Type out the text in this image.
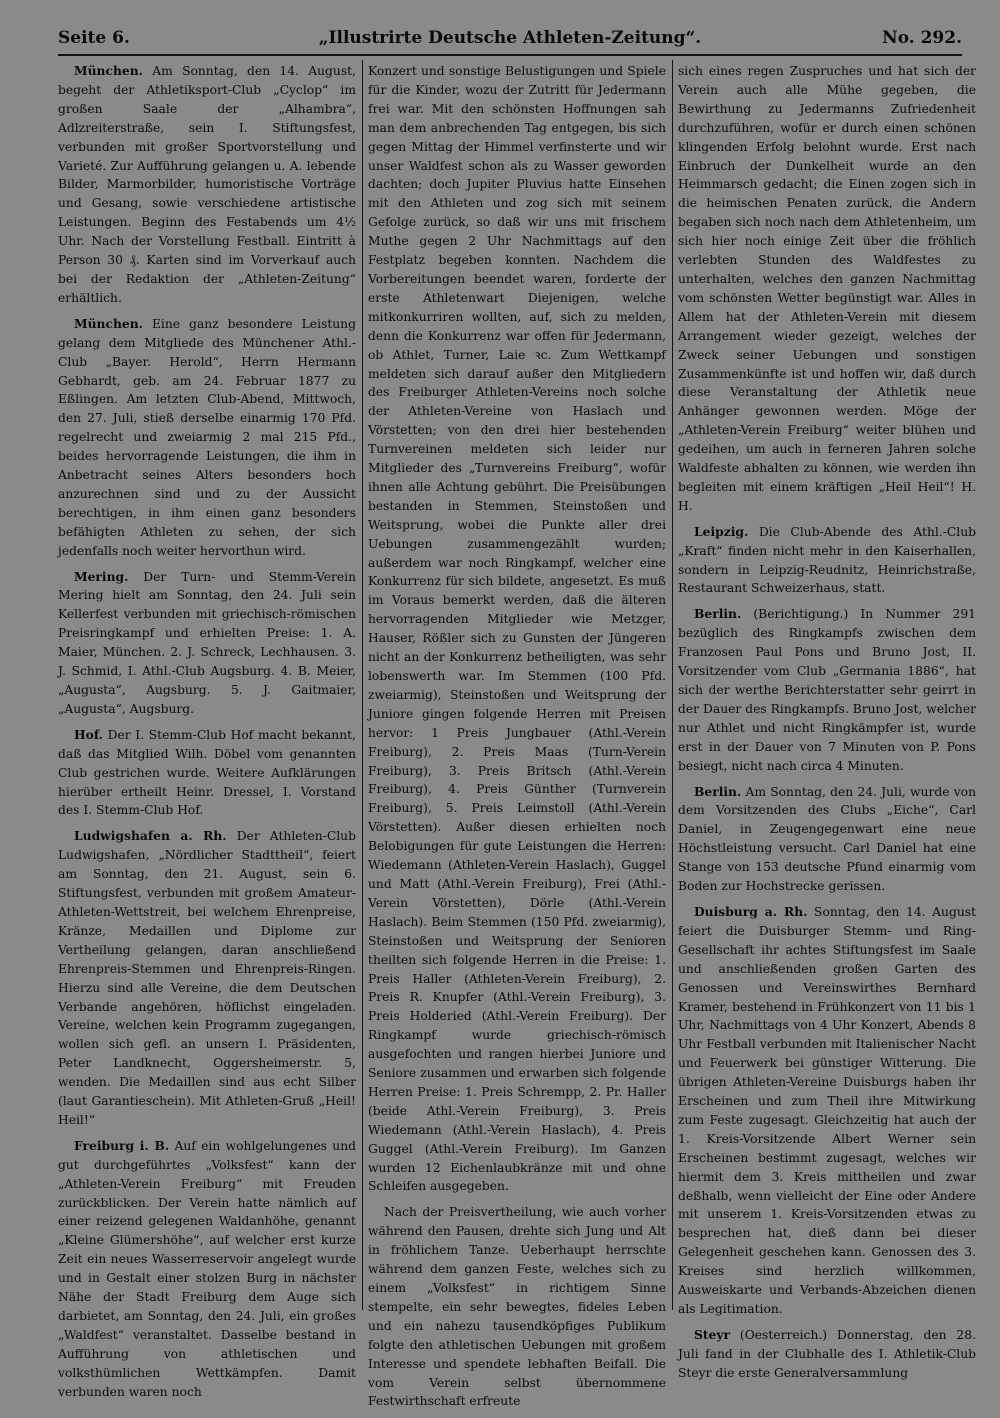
Seite 6.	„Illustrirte Deutsche Athleten-Zeitung“.	No. 292.

München. Am Sonntag, den 14. August, begeht der Athletiksport-Club „Cyclop“ im großen Saale der „Alhambra“, Adlzreiterstraße, sein I. Stiftungsfest, verbunden mit großer Sportvorstellung und Varieté. Zur Aufführung gelangen u. A. lebende Bilder, Marmorbilder, humoristische Vorträge und Gesang, sowie verschiedene artistische Leistungen. Beginn des Festabends um 4½ Uhr. Nach der Vorstellung Festball. Eintritt à Person 30 ₰. Karten sind im Vorverkauf auch bei der Redaktion der „Athleten-Zeitung“ erhältlich.

München. Eine ganz besondere Leistung gelang dem Mitgliede des Münchener Athl.-Club „Bayer. Herold“, Herrn Hermann Gebhardt, geb. am 24. Februar 1877 zu Eßlingen. Am letzten Club-Abend, Mittwoch, den 27. Juli, stieß derselbe einarmig 170 Pfd. regelrecht und zweiarmig 2 mal 215 Pfd., beides hervorragende Leistungen, die ihm in Anbetracht seines Alters besonders hoch anzurechnen sind und zu der Aussicht berechtigen, in ihm einen ganz besonders befähigten Athleten zu sehen, der sich jedenfalls noch weiter hervorthun wird.

Mering. Der Turn- und Stemm-Verein Mering hielt am Sonntag, den 24. Juli sein Kellerfest verbunden mit griechisch-römischen Preisringkampf und erhielten Preise: 1. A. Maier, München. 2. J. Schreck, Lechhausen. 3. J. Schmid, I. Athl.-Club Augsburg. 4. B. Meier, „Augusta“, Augsburg. 5. J. Gaitmaier, „Augusta“, Augsburg.

Hof. Der I. Stemm-Club Hof macht bekannt, daß das Mitglied Wilh. Döbel vom genannten Club gestrichen wurde. Weitere Aufklärungen hierüber ertheilt Heinr. Dressel, I. Vorstand des I. Stemm-Club Hof.

Ludwigshafen a. Rh. Der Athleten-Club Ludwigshafen, „Nördlicher Stadttheil“, feiert am Sonntag, den 21. August, sein 6. Stiftungsfest, verbunden mit großem Amateur-Athleten-Wettstreit, bei welchem Ehrenpreise, Kränze, Medaillen und Diplome zur Vertheilung gelangen, daran anschließend Ehrenpreis-Stemmen und Ehrenpreis-Ringen. Hierzu sind alle Vereine, die dem Deutschen Verbande angehören, höflichst eingeladen. Vereine, welchen kein Programm zugegangen, wollen sich gefl. an unsern I. Präsidenten, Peter Landknecht, Oggersheimerstr. 5, wenden. Die Medaillen sind aus echt Silber (laut Garantieschein). Mit Athleten-Gruß „Heil! Heil!“

Freiburg i. B. Auf ein wohlgelungenes und gut durchgeführtes „Volksfest“ kann der „Athleten-Verein Freiburg“ mit Freuden zurückblicken. Der Verein hatte nämlich auf einer reizend gelegenen Waldanhöhe, genannt „Kleine Glümershöhe“, auf welcher erst kurze Zeit ein neues Wasserreservoir angelegt wurde und in Gestalt einer stolzen Burg in nächster Nähe der Stadt Freiburg dem Auge sich darbietet, am Sonntag, den 24. Juli, ein großes „Waldfest“ veranstaltet. Dasselbe bestand in Aufführung von athletischen und volksthümlichen Wettkämpfen. Damit verbunden waren noch

Konzert und sonstige Belustigungen und Spiele für die Kinder, wozu der Zutritt für Jedermann frei war. Mit den schönsten Hoffnungen sah man dem anbrechenden Tag entgegen, bis sich gegen Mittag der Himmel verfinsterte und wir unser Waldfest schon als zu Wasser geworden dachten; doch Jupiter Pluvius hatte Einsehen mit den Athleten und zog sich mit seinem Gefolge zurück, so daß wir uns mit frischem Muthe gegen 2 Uhr Nachmittags auf den Festplatz begeben konnten. Nachdem die Vorbereitungen beendet waren, forderte der erste Athletenwart Diejenigen, welche mitkonkurriren wollten, auf, sich zu melden, denn die Konkurrenz war offen für Jedermann, ob Athlet, Turner, Laie ꝛc. Zum Wettkampf meldeten sich darauf außer den Mitgliedern des Freiburger Athleten-Vereins noch solche der Athleten-Vereine von Haslach und Vörstetten; von den drei hier bestehenden Turnvereinen meldeten sich leider nur Mitglieder des „Turnvereins Freiburg“, wofür ihnen alle Achtung gebührt. Die Preisübungen bestanden in Stemmen, Steinstoßen und Weitsprung, wobei die Punkte aller drei Uebungen zusammengezählt wurden; außerdem war noch Ringkampf, welcher eine Konkurrenz für sich bildete, angesetzt. Es muß im Voraus bemerkt werden, daß die älteren hervorragenden Mitglieder wie Metzger, Hauser, Rößler sich zu Gunsten der Jüngeren nicht an der Konkurrenz betheiligten, was sehr lobenswerth war. Im Stemmen (100 Pfd. zweiarmig), Steinstoßen und Weitsprung der Juniore gingen folgende Herren mit Preisen hervor: 1 Preis Jungbauer (Athl.-Verein Freiburg), 2. Preis Maas (Turn-Verein Freiburg), 3. Preis Britsch (Athl.-Verein Freiburg), 4. Preis Günther (Turnverein Freiburg), 5. Preis Leimstoll (Athl.-Verein Vörstetten). Außer diesen erhielten noch Belobigungen für gute Leistungen die Herren: Wiedemann (Athleten-Verein Haslach), Guggel und Matt (Athl.-Verein Freiburg), Frei (Athl.-Verein Vörstetten), Dörle (Athl.-Verein Haslach). Beim Stemmen (150 Pfd. zweiarmig), Steinstoßen und Weitsprung der Senioren theilten sich folgende Herren in die Preise: 1. Preis Haller (Athleten-Verein Freiburg), 2. Preis R. Knupfer (Athl.-Verein Freiburg), 3. Preis Holderied (Athl.-Verein Freiburg). Der Ringkampf wurde griechisch-römisch ausgefochten und rangen hierbei Juniore und Seniore zusammen und erwarben sich folgende Herren Preise: 1. Preis Schrempp, 2. Pr. Haller (beide Athl.-Verein Freiburg), 3. Preis Wiedemann (Athl.-Verein Haslach), 4. Preis Guggel (Athl.-Verein Freiburg). Im Ganzen wurden 12 Eichenlaubkränze mit und ohne Schleifen ausgegeben.

Nach der Preisvertheilung, wie auch vorher während den Pausen, drehte sich Jung und Alt in fröhlichem Tanze. Ueberhaupt herrschte während dem ganzen Feste, welches sich zu einem „Volksfest“ in richtigem Sinne stempelte, ein sehr bewegtes, fideles Leben und ein nahezu tausendköpfiges Publikum folgte den athletischen Uebungen mit großem Interesse und spendete lebhaften Beifall. Die vom Verein selbst übernommene Festwirthschaft erfreute

sich eines regen Zuspruches und hat sich der Verein auch alle Mühe gegeben, die Bewirthung zu Jedermanns Zufriedenheit durchzuführen, wofür er durch einen schönen klingenden Erfolg belohnt wurde. Erst nach Einbruch der Dunkelheit wurde an den Heimmarsch gedacht; die Einen zogen sich in die heimischen Penaten zurück, die Andern begaben sich noch nach dem Athletenheim, um sich hier noch einige Zeit über die fröhlich verlebten Stunden des Waldfestes zu unterhalten, welches den ganzen Nachmittag vom schönsten Wetter begünstigt war. Alles in Allem hat der Athleten-Verein mit diesem Arrangement wieder gezeigt, welches der Zweck seiner Uebungen und sonstigen Zusammenkünfte ist und hoffen wir, daß durch diese Veranstaltung der Athletik neue Anhänger gewonnen werden. Möge der „Athleten-Verein Freiburg“ weiter blühen und gedeihen, um auch in ferneren Jahren solche Waldfeste abhalten zu können, wie werden ihn begleiten mit einem kräftigen „Heil Heil“! H. H.

Leipzig. Die Club-Abende des Athl.-Club „Kraft“ finden nicht mehr in den Kaiserhallen, sondern in Leipzig-Reudnitz, Heinrichstraße, Restaurant Schweizerhaus, statt.

Berlin. (Berichtigung.) In Nummer 291 bezüglich des Ringkampfs zwischen dem Franzosen Paul Pons und Bruno Jost, II. Vorsitzender vom Club „Germania 1886“, hat sich der werthe Berichterstatter sehr geirrt in der Dauer des Ringkampfs. Bruno Jost, welcher nur Athlet und nicht Ringkämpfer ist, wurde erst in der Dauer von 7 Minuten von P. Pons besiegt, nicht nach circa 4 Minuten.

Berlin. Am Sonntag, den 24. Juli, wurde von dem Vorsitzenden des Clubs „Eiche“, Carl Daniel, in Zeugengegenwart eine neue Höchstleistung versucht. Carl Daniel hat eine Stange von 153 deutsche Pfund einarmig vom Boden zur Hochstrecke gerissen.

Duisburg a. Rh. Sonntag, den 14. August feiert die Duisburger Stemm- und Ring-Gesellschaft ihr achtes Stiftungsfest im Saale und anschließenden großen Garten des Genossen und Vereinswirthes Bernhard Kramer, bestehend in Frühkonzert von 11 bis 1 Uhr, Nachmittags von 4 Uhr Konzert, Abends 8 Uhr Festball verbunden mit Italienischer Nacht und Feuerwerk bei günstiger Witterung. Die übrigen Athleten-Vereine Duisburgs haben ihr Erscheinen und zum Theil ihre Mitwirkung zum Feste zugesagt. Gleichzeitig hat auch der 1. Kreis-Vorsitzende Albert Werner sein Erscheinen bestimmt zugesagt, welches wir hiermit dem 3. Kreis mittheilen und zwar deßhalb, wenn vielleicht der Eine oder Andere mit unserem 1. Kreis-Vorsitzenden etwas zu besprechen hat, dieß dann bei dieser Gelegenheit geschehen kann. Genossen des 3. Kreises sind herzlich willkommen, Ausweiskarte und Verbands-Abzeichen dienen als Legitimation.

Steyr (Oesterreich.) Donnerstag, den 28. Juli fand in der Clubhalle des I. Athletik-Club Steyr die erste Generalversammlung
